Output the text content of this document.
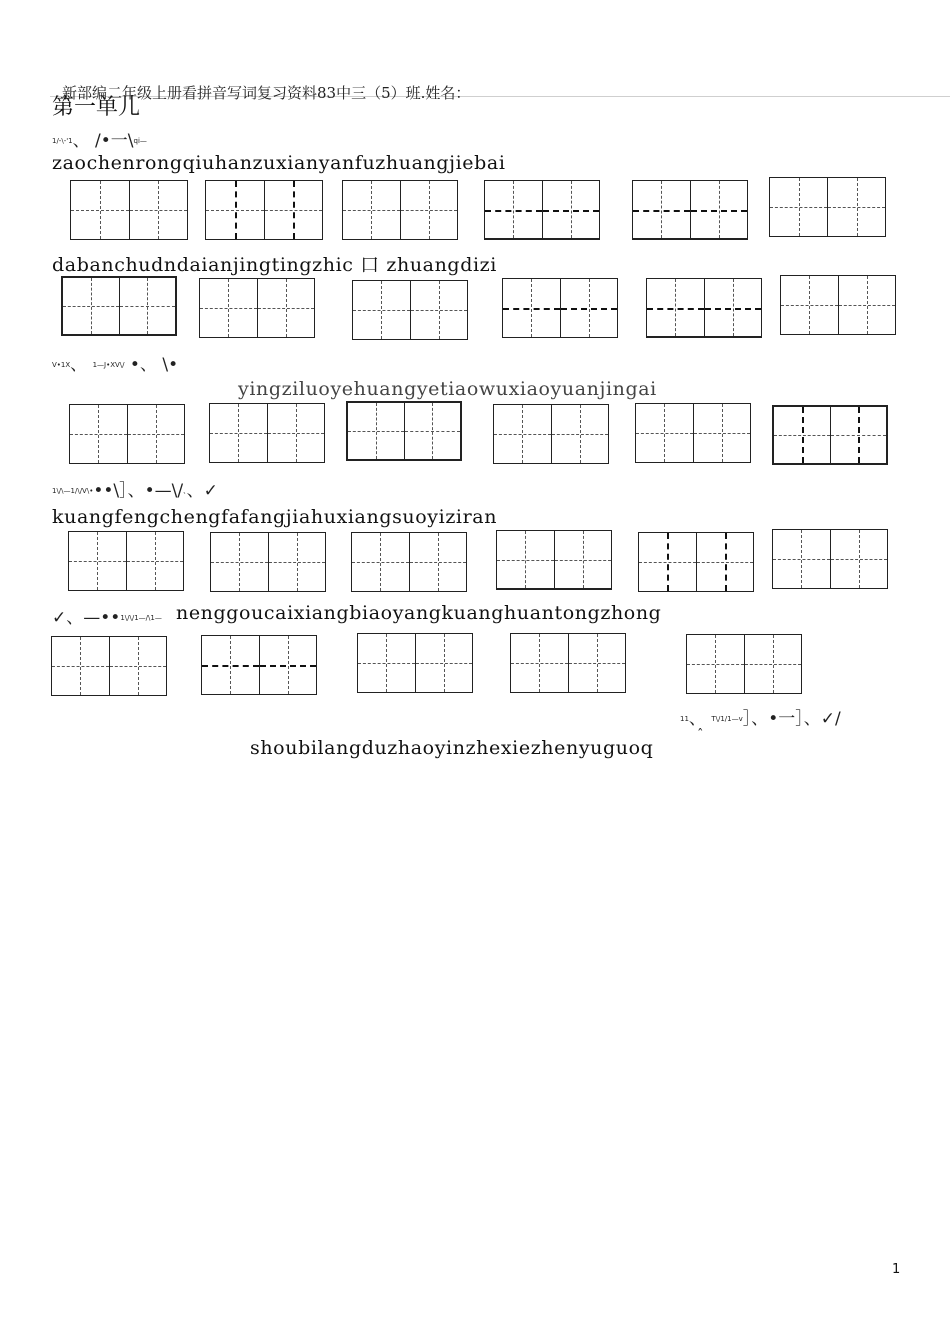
新部编二年级上册看拼音写词复习资料83中三（5）班.姓名：
第一单儿
1/-\-'1、 /•一\qi—
zaochenrongqiuhanzuxianyanfuzhuangjiebai
dabanchudndaianjingtingzhic 口 zhuangdizi
V•1X、 1—J•XV\/ •、 \•
yingziluoyehuangyetiaowuxiaoyuanjingai
1\/\—1/\/V\•••\］、•—\/、、✓
kuangfengchengfafangjiahuxiangsuoyiziran
✓、—••1\/\/1—/\1— nenggoucaixiangbiaoyangkuanghuantongzhong
11、 T\/1/1—v］、•一］、✓/
shoubilangduzhaoyinzhexiezhenyuguoq
ˆ
1
